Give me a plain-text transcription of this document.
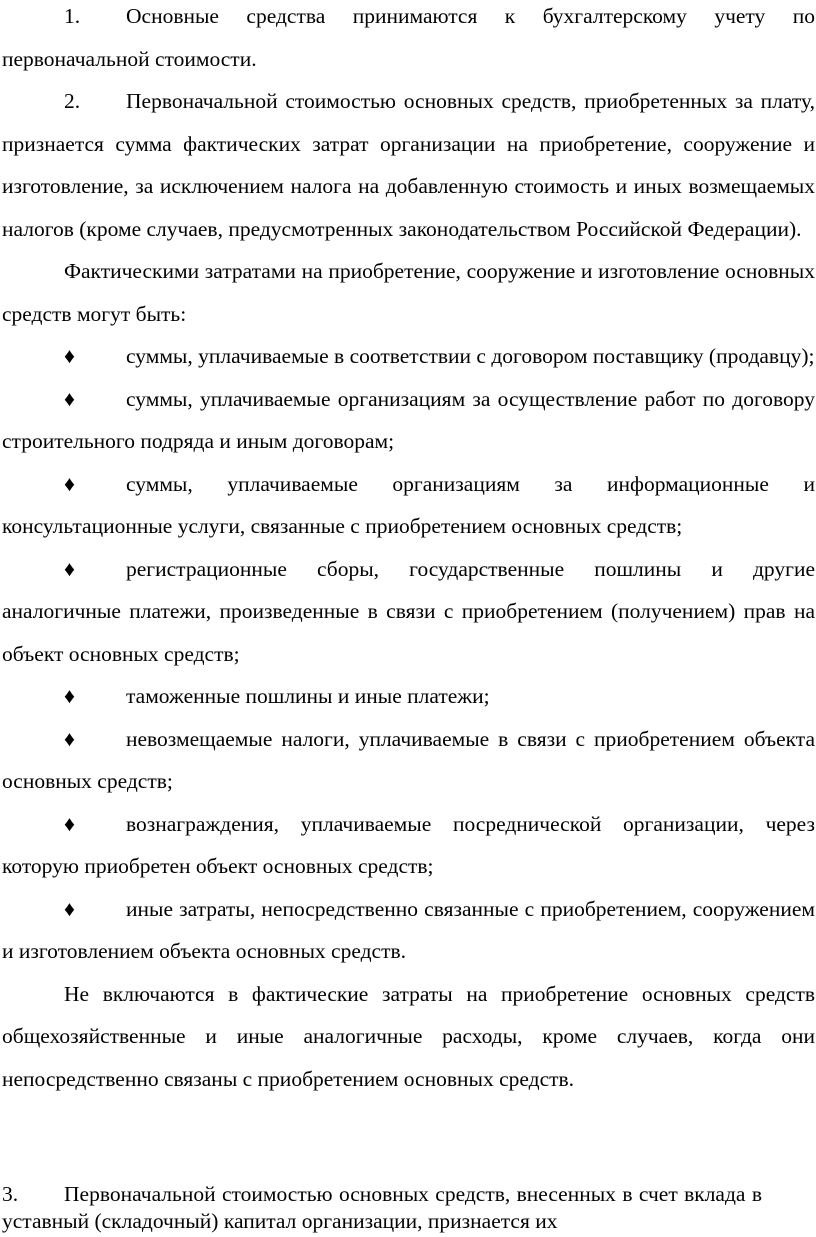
1. Основные средства принимаются к бухгалтерскому учету по первоначальной стоимости.

2. Первоначальной стоимостью основных средств, приобретенных за плату, признается сумма фактических затрат организации на приобретение, сооружение и изготовление, за исключением налога на добавленную стоимость и иных возмещаемых налогов (кроме случаев, предусмотренных законодательством Российской Федерации).

Фактическими затратами на приобретение, сооружение и изготовление основных средств могут быть:

♦ суммы, уплачиваемые в соответствии с договором поставщику (продавцу);

♦ суммы, уплачиваемые организациям за осуществление работ по договору строительного подряда и иным договорам;

♦ суммы, уплачиваемые организациям за информационные и консультационные услуги, связанные с приобретением основных средств;

♦ регистрационные сборы, государственные пошлины и другие аналогичные платежи, произведенные в связи с приобретением (получением) прав на объект основных средств;

♦ таможенные пошлины и иные платежи;

♦ невозмещаемые налоги, уплачиваемые в связи с приобретением объекта основных средств;

♦ вознаграждения, уплачиваемые посреднической организации, через которую приобретен объект основных средств;

♦ иные затраты, непосредственно связанные с приобретением, сооружением и изготовлением объекта основных средств.

Не включаются в фактические затраты на приобретение основных средств общехозяйственные и иные аналогичные расходы, кроме случаев, когда они непосредственно связаны с приобретением основных средств.

3. Первоначальной стоимостью основных средств, внесенных в счет вклада в уставный (складочный) капитал организации, признается их
